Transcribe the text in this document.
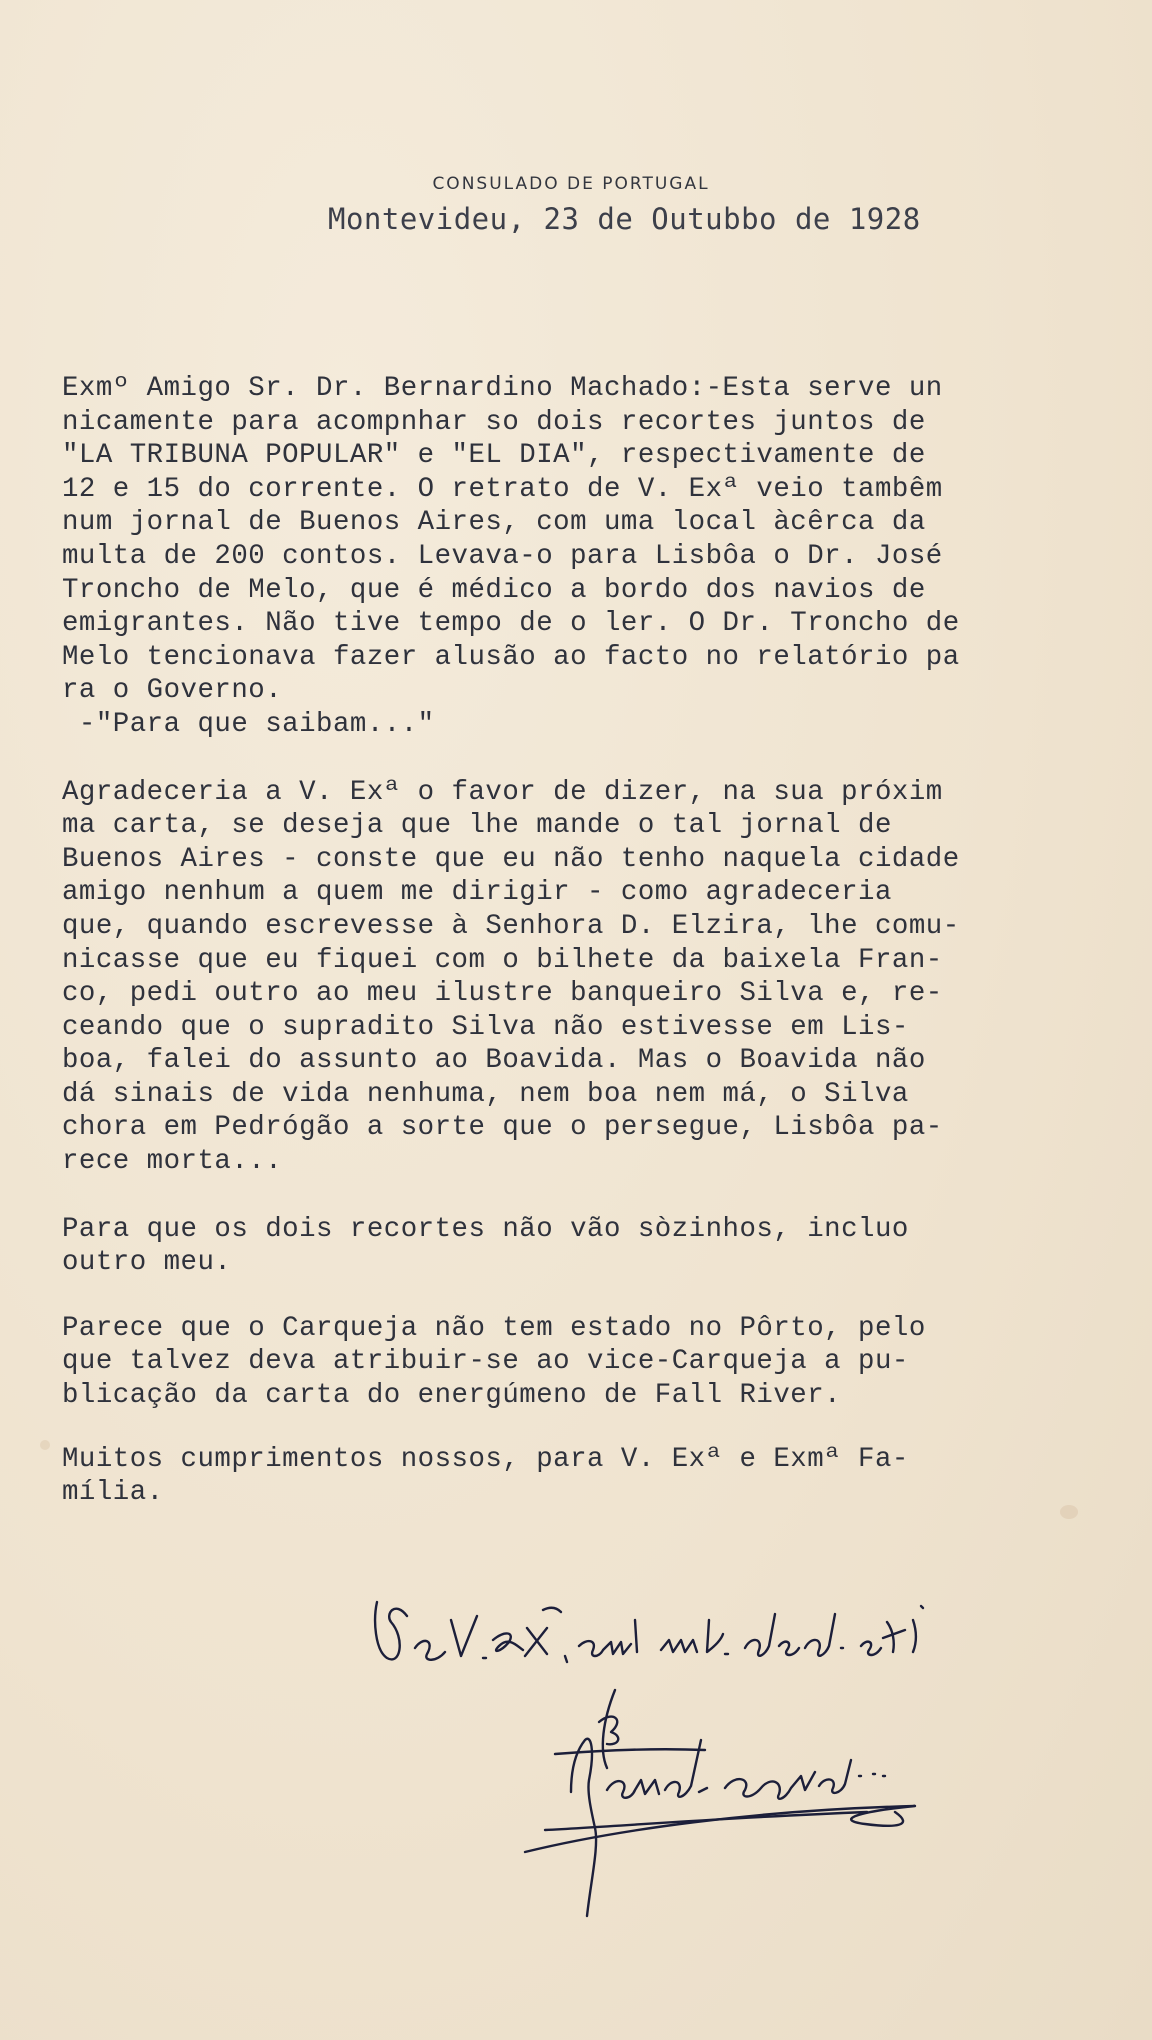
CONSULADO DE PORTUGAL
Montevideu, 23 de Outubbo de 1928

Exmº Amigo Sr. Dr. Bernardino Machado:-Esta serve un

nicamente para acompnhar so dois recortes juntos de

"LA TRIBUNA POPULAR" e "EL DIA", respectivamente de

12 e 15 do corrente. O retrato de V. Exª veio tambêm

num jornal de Buenos Aires, com uma local àcêrca da

multa de 200 contos. Levava-o para Lisbôa o Dr. José

Troncho de Melo, que é médico a bordo dos navios de

emigrantes. Não tive tempo de o ler. O Dr. Troncho de

Melo tencionava fazer alusão ao facto no relatório pa

ra o Governo.

-"Para que saibam..."

Agradeceria a V. Exª o favor de dizer, na sua próxim

ma carta, se deseja que lhe mande o tal jornal de

Buenos Aires - conste que eu não tenho naquela cidade

amigo nenhum a quem me dirigir - como agradeceria

que, quando escrevesse à Senhora D. Elzira, lhe comu-

nicasse que eu fiquei com o bilhete da baixela Fran-

co, pedi outro ao meu ilustre banqueiro Silva e, re-

ceando que o supradito Silva não estivesse em Lis-

boa, falei do assunto ao Boavida. Mas o Boavida não

dá sinais de vida nenhuma, nem boa nem má, o Silva

chora em Pedrógão a sorte que o persegue, Lisbôa pa-

rece morta...

Para que os dois recortes não vão sòzinhos, incluo

outro meu.

Parece que o Carqueja não tem estado no Pôrto, pelo

que talvez deva atribuir-se ao vice-Carqueja a pu-

blicação da carta do energúmeno de Fall River.

Muitos cumprimentos nossos, para V. Exª e Exmª Fa-

mília.
